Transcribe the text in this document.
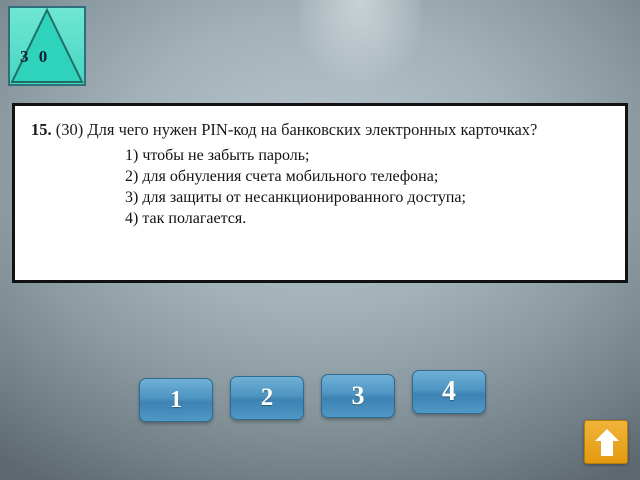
3 0

15. (30) Для чего нужен PIN-код на банковских электронных карточках?

1) чтобы не забыть пароль;
2) для обнуления счета мобильного телефона;
3) для защиты от несанкционированного доступа;
4) так полагается.
1	2	3	4
